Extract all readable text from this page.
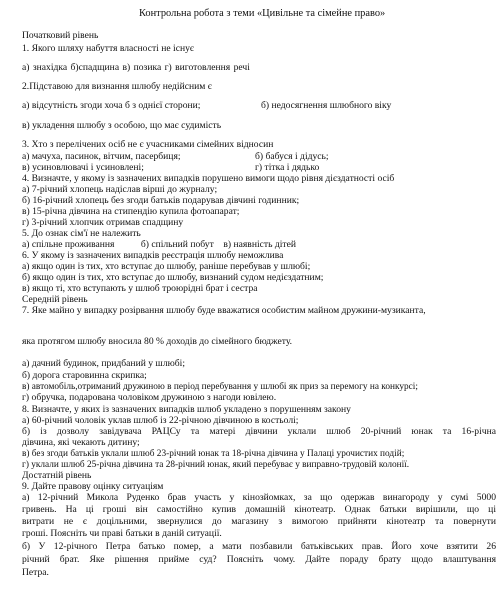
Контрольна робота з теми «Цивільне та сімейне право»
Початковий рівень
1. Якого шляху набуття власності не існує
а) знахідка б)спадщина в) позика г) виготовлення речі
2.Підставою для визнання шлюбу недійсним є
а) відсутність згоди хоча б з однієї сторони;	б) недосягнення шлюбного віку
в) укладення шлюбу з особою, що має судимість
3. Хто з перелічених осіб не є учасниками сімейних відносин
а) мачуха, пасинок, вітчим, пасербиця;	б) бабуся і дідусь;
в) усиновлювачі і усиновлені;	г) тітка і дядько
4. Визначте, у якому із зазначених випадків порушено вимоги щодо рівня дієздатності осіб
а) 7-річний хлопець надіслав вірші до журналу;
б) 16-річний хлопець без згоди батьків подарував дівчині годинник;
в) 15-річна дівчина на стипендію купила фотоапарат;
г) 3-річний хлопчик отримав спадщину
5. До ознак сім'ї не належить
а) спільне проживання           б) спільний побут    в) наявність дітей
6. У якому із зазначених випадків реєстрація шлюбу неможлива
а) якщо один із тих, хто вступає до шлюбу, раніше перебував у шлюбі;
б) якщо один із тих, хто вступає до шлюбу, визнаний судом недієздатним;
в) якщо ті, хто вступають у шлюб троюрідні брат і сестра
Середній рівень
7. Яке майно у випадку розірвання шлюбу буде вважатися особистим майном дружини-музиканта,
яка протягом шлюбу вносила 80 % доходів до сімейного бюджету.
а) дачний будинок, придбаний у шлюбі;
б) дорога старовинна скрипка;
в) автомобіль,отриманий дружиною в період перебування у шлюбі як приз за перемогу на конкурсі;
г) обручка, подарована чоловіком дружиною з нагоди ювілею.
8. Визначте, у яких із зазначених випадків шлюб укладено з порушенням закону
а) 60-річний чоловік уклав шлюб із 22-річною дівчиною в костьолі;
б) із дозволу завідувача РАЦСу та матері дівчини уклали шлюб 20-річний юнак та 16-річна
дівчина, які чекають дитину;
в) без згоди батьків уклали шлюб 23-річний юнак та 18-річна дівчина у Палаці урочистих подій;
г) уклали шлюб 25-річна дівчина та 28-річний юнак, який перебуває у виправно-трудовій колонії.
Достатній рівень
9. Дайте правову оцінку ситуаціям
а) 12-річний Микола Руденко брав участь у кінозйомках, за що одержав винагороду у сумі 5000
гривень. На ці гроші він самостійно купив домашній кінотеатр. Однак батьки вирішили, що ці
витрати не є доцільними, звернулися до магазину з вимогою прийняти кінотеатр та повернути
гроші. Поясніть чи праві батьки в даній ситуації.
б) У 12-річного Петра батько помер, а мати позбавили батьківських прав. Його хоче взятити 26
річний брат. Яке рішення приймe суд? Поясніть чому. Дайте пораду брату щодо влаштування
Петра.
